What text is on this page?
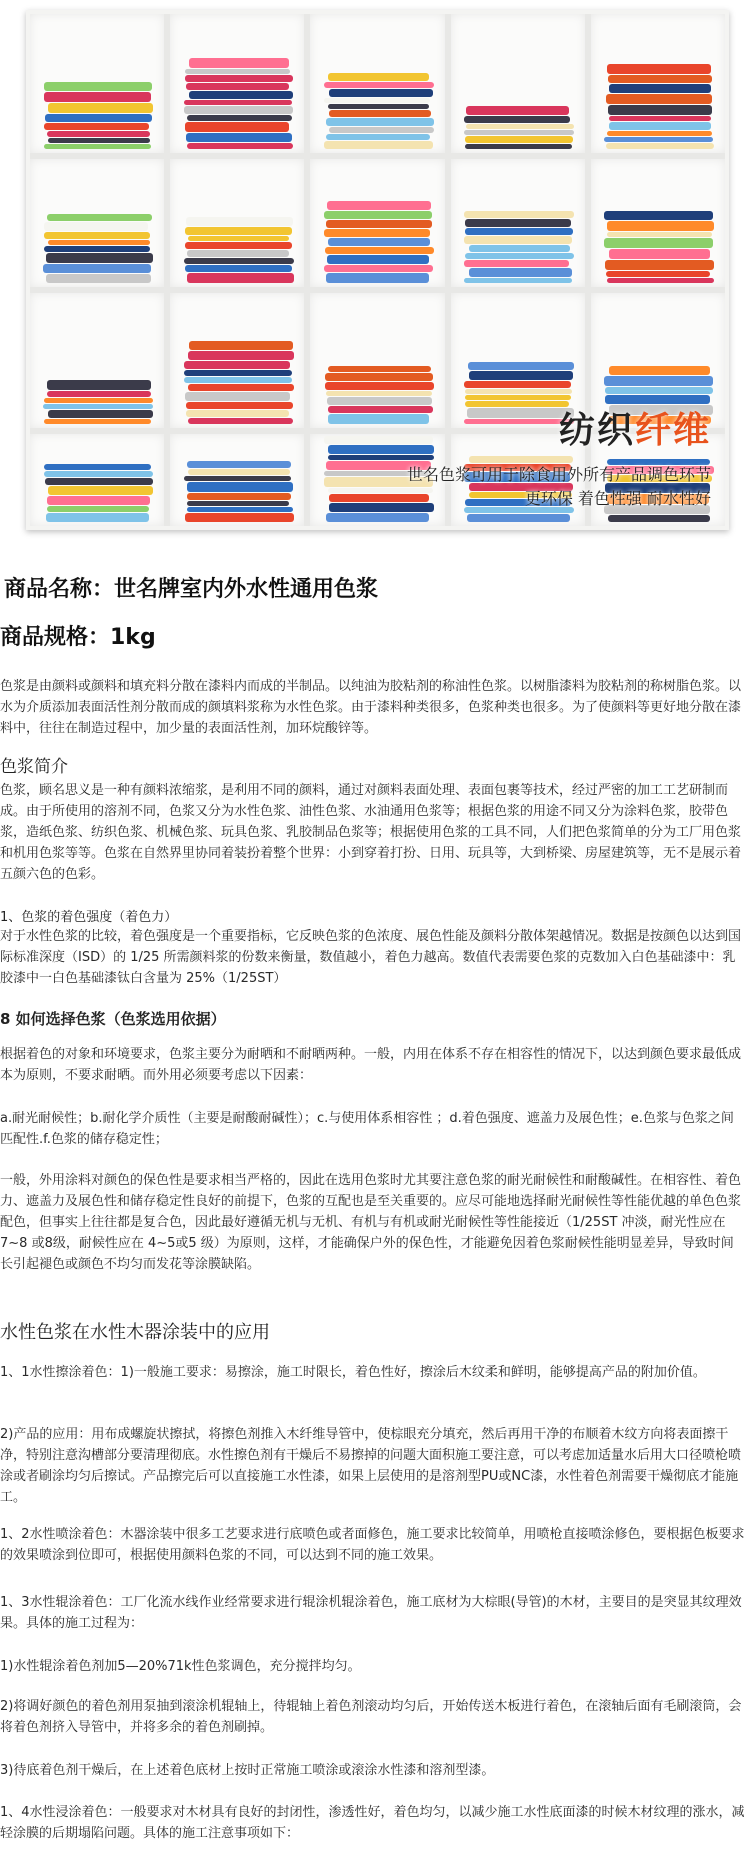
纺织纤维
世名色浆可用于除食用外所有产品调色环节
更环保 着色性强 耐水性好
商品名称：世名牌室内外水性通用色浆
商品规格：1kg

色浆是由颜料或颜料和填充料分散在漆料内而成的半制品。以纯油为胶粘剂的称油性色浆。以树脂漆料为胶粘剂的称树脂色浆。以水为介质添加表面活性剂分散而成的颜填料浆称为水性色浆。由于漆料种类很多，色浆种类也很多。为了使颜料等更好地分散在漆料中，往往在制造过程中，加少量的表面活性剂，加环烷酸锌等。

色浆简介

色浆，顾名思义是一种有颜料浓缩浆，是利用不同的颜料，通过对颜料表面处理、表面包裹等技术，经过严密的加工工艺研制而成。由于所使用的溶剂不同，色浆又分为水性色浆、油性色浆、水油通用色浆等；根据色浆的用途不同又分为涂料色浆，胶带色浆，造纸色浆、纺织色浆、机械色浆、玩具色浆、乳胶制品色浆等；根据使用色浆的工具不同，人们把色浆简单的分为工厂用色浆和机用色浆等等。色浆在自然界里协同着装扮着整个世界：小到穿着打扮、日用、玩具等，大到桥梁、房屋建筑等，无不是展示着五颜六色的色彩。

1、色浆的着色强度（着色力）

对于水性色浆的比较，着色强度是一个重要指标，它反映色浆的色浓度、展色性能及颜料分散体架越情况。数据是按颜色以达到国际标准深度（ISD）的 1/25 所需颜料浆的份数来衡量，数值越小，着色力越高。数值代表需要色浆的克数加入白色基础漆中：乳胶漆中一白色基础漆钛白含量为 25%（1/25ST）

8 如何选择色浆（色浆选用依据）

根据着色的对象和环境要求，色浆主要分为耐晒和不耐晒两种。一般，内用在体系不存在相容性的情况下，以达到颜色要求最低成本为原则，不要求耐晒。而外用必须要考虑以下因素：

a.耐光耐候性；b.耐化学介质性（主要是耐酸耐碱性）；c.与使用体系相容性 ；d.着色强度、遮盖力及展色性；e.色浆与色浆之间匹配性.f.色浆的储存稳定性；

一般，外用涂料对颜色的保色性是要求相当严格的，因此在选用色浆时尤其要注意色浆的耐光耐候性和耐酸碱性。在相容性、着色力、遮盖力及展色性和储存稳定性良好的前提下，色浆的互配也是至关重要的。应尽可能地选择耐光耐候性等性能优越的单色色浆配色，但事实上往往都是复合色，因此最好遵循无机与无机、有机与有机或耐光耐候性等性能接近（1/25ST 冲淡，耐光性应在 7~8 或8级，耐候性应在 4~5或5 级）为原则，这样，才能确保户外的保色性，才能避免因着色浆耐候性能明显差异，导致时间长引起褪色或颜色不均匀而发花等涂膜缺陷。

水性色浆在水性木器涂装中的应用

1、1水性擦涂着色：1)一般施工要求：易擦涂，施工时限长，着色性好，擦涂后木纹柔和鲜明，能够提高产品的附加价值。

2)产品的应用：用布成螺旋状擦拭，将擦色剂推入木纤维导管中，使棕眼充分填充，然后再用干净的布顺着木纹方向将表面擦干净，特别注意沟槽部分要清理彻底。水性擦色剂有干燥后不易擦掉的问题大面积施工要注意，可以考虑加适量水后用大口径喷枪喷涂或者刷涂均匀后擦试。产品擦完后可以直接施工水性漆，如果上层使用的是溶剂型PU或NC漆，水性着色剂需要干燥彻底才能施工。

1、2水性喷涂着色：木器涂装中很多工艺要求进行底喷色或者面修色，施工要求比较简单，用喷枪直接喷涂修色，要根据色板要求的效果喷涂到位即可，根据使用颜料色浆的不同，可以达到不同的施工效果。

1、3水性辊涂着色：工厂化流水线作业经常要求进行辊涂机辊涂着色，施工底材为大棕眼(导管)的木材，主要目的是突显其纹理效果。具体的施工过程为：

1)水性辊涂着色剂加5—20%71k性色浆调色，充分搅拌均匀。

2)将调好颜色的着色剂用泵抽到滚涂机辊轴上，待辊轴上着色剂滚动均匀后，开始传送木板进行着色，在滚轴后面有毛刷滚筒，会将着色剂挤入导管中，并将多余的着色剂刷掉。

3)待底着色剂干燥后，在上述着色底材上按时正常施工喷涂或滚涂水性漆和溶剂型漆。

1、4水性浸涂着色：一般要求对木材具有良好的封闭性，渗透性好，着色均匀，以减少施工水性底面漆的时候木材纹理的涨水，减轻涂膜的后期塌陷问题。具体的施工注意事项如下：
